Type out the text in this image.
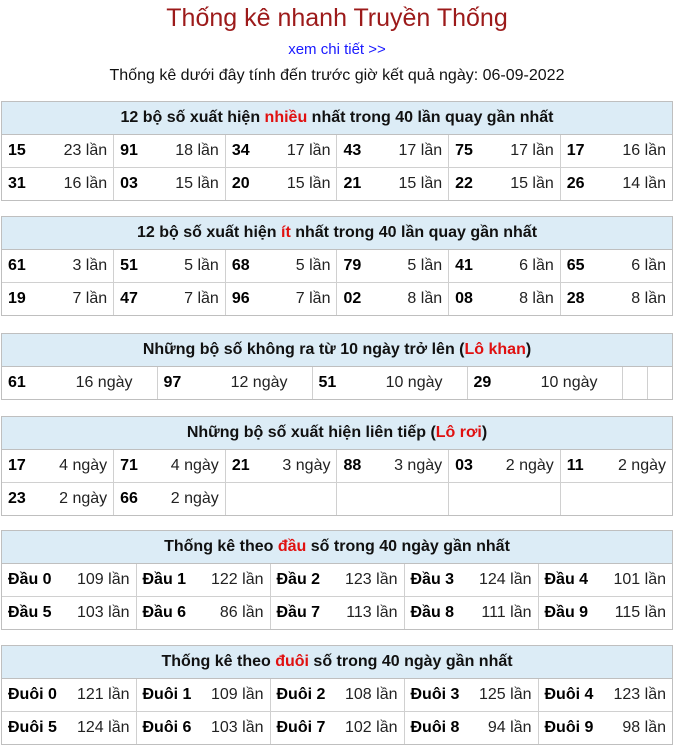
Thống kê nhanh Truyền Thống
xem chi tiết >>
Thống kê dưới đây tính đến trước giờ kết quả ngày: 06-09-2022
12 bộ số xuất hiện nhiều nhất trong 40 lần quay gần nhất
15 23 lần	91 18 lần	34 17 lần	43 17 lần	75 17 lần	17 16 lần

31 16 lần	03 15 lần	20 15 lần	21 15 lần	22 15 lần	26 14 lần
12 bộ số xuất hiện ít nhất trong 40 lần quay gần nhất
61 3 lần	51 5 lần	68 5 lần	79 5 lần	41 6 lần	65 6 lần

19 7 lần	47 7 lần	96 7 lần	02 8 lần	08 8 lần	28 8 lần
Những bộ số không ra từ 10 ngày trở lên (Lô khan)
61	16 ngày	97	12 ngày	51	10 ngày	29	10 ngày

Những bộ số xuất hiện liên tiếp (Lô rơi)
17 4 ngày	71 4 ngày	21 3 ngày	88 3 ngày	03 2 ngày	11 2 ngày

23 2 ngày	66 2 ngày				

Thống kê theo đầu số trong 40 ngày gần nhất
Đầu 0 109 lần	Đầu 1 122 lần	Đầu 2 123 lần	Đầu 3 124 lần	Đầu 4 101 lần

Đầu 5 103 lần	Đầu 6 86 lần	Đầu 7 113 lần	Đầu 8 111 lần	Đầu 9 115 lần
Thống kê theo đuôi số trong 40 ngày gần nhất
Đuôi 0 121 lần	Đuôi 1 109 lần	Đuôi 2 108 lần	Đuôi 3 125 lần	Đuôi 4 123 lần

Đuôi 5 124 lần	Đuôi 6 103 lần	Đuôi 7 102 lần	Đuôi 8 94 lần	Đuôi 9 98 lần
